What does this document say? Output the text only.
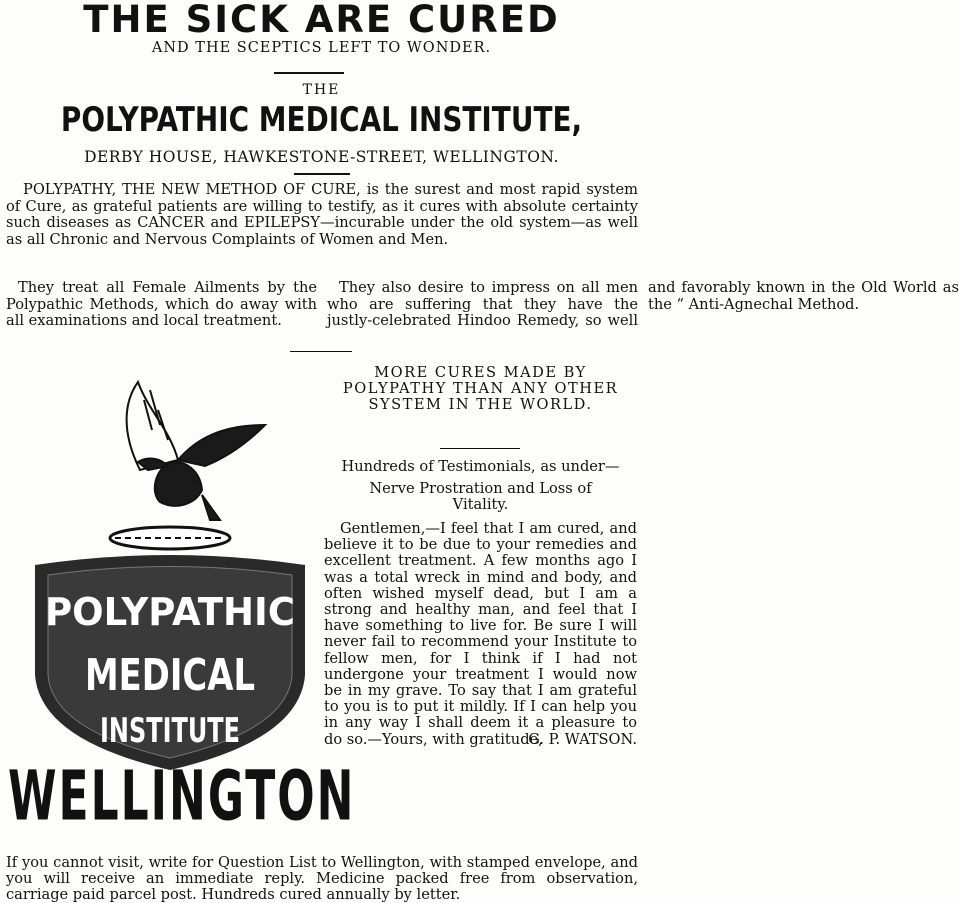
THE SICK ARE CURED
AND THE SCEPTICS LEFT TO WONDER.
THE
POLYPATHIC MEDICAL INSTITUTE,
DERBY HOUSE, HAWKESTONE-STREET, WELLINGTON.
POLYPATHY, THE NEW METHOD OF CURE, is the surest and most rapid system of Cure, as grateful patients are willing to testify, as it cures with absolute certainty such diseases as CANCER and EPILEPSY—incurable under the old system—as well as all Chronic and Nervous Complaints of Women and Men.

They treat all Female Ailments by the Polypathic Methods, which do away with all examinations and local treatment.

They also desire to impress on all men who are suffering that they have the justly-celebrated Hindoo Remedy, so well and favorably known in the Old World as the “ Anti-Agnechal Method.

POLYPATHIC
MEDICAL
INSTITUTE
WELLINGTON
MORE CURES MADE BY POLYPATHY THAN ANY OTHER SYSTEM IN THE WORLD.
Hundreds of Testimonials, as under—
Nerve Prostration and Loss of Vitality.

Gentlemen,—I feel that I am cured, and believe it to be due to your remedies and excellent treatment. A few months ago I was a total wreck in mind and body, and often wished myself dead, but I am a strong and healthy man, and feel that I have something to live for. Be sure I will never fail to recommend your Institute to fellow men, for I think if I had not undergone your treatment I would now be in my grave. To say that I am grateful to you is to put it mildly. If I can help you in any way I shall deem it a pleasure to do so.—Yours, with gratitude,

G. P. WATSON.
If you cannot visit, write for Question List to Wellington, with stamped envelope, and you will receive an immediate reply. Medicine packed free from observation, carriage paid parcel post. Hundreds cured annually by letter.
